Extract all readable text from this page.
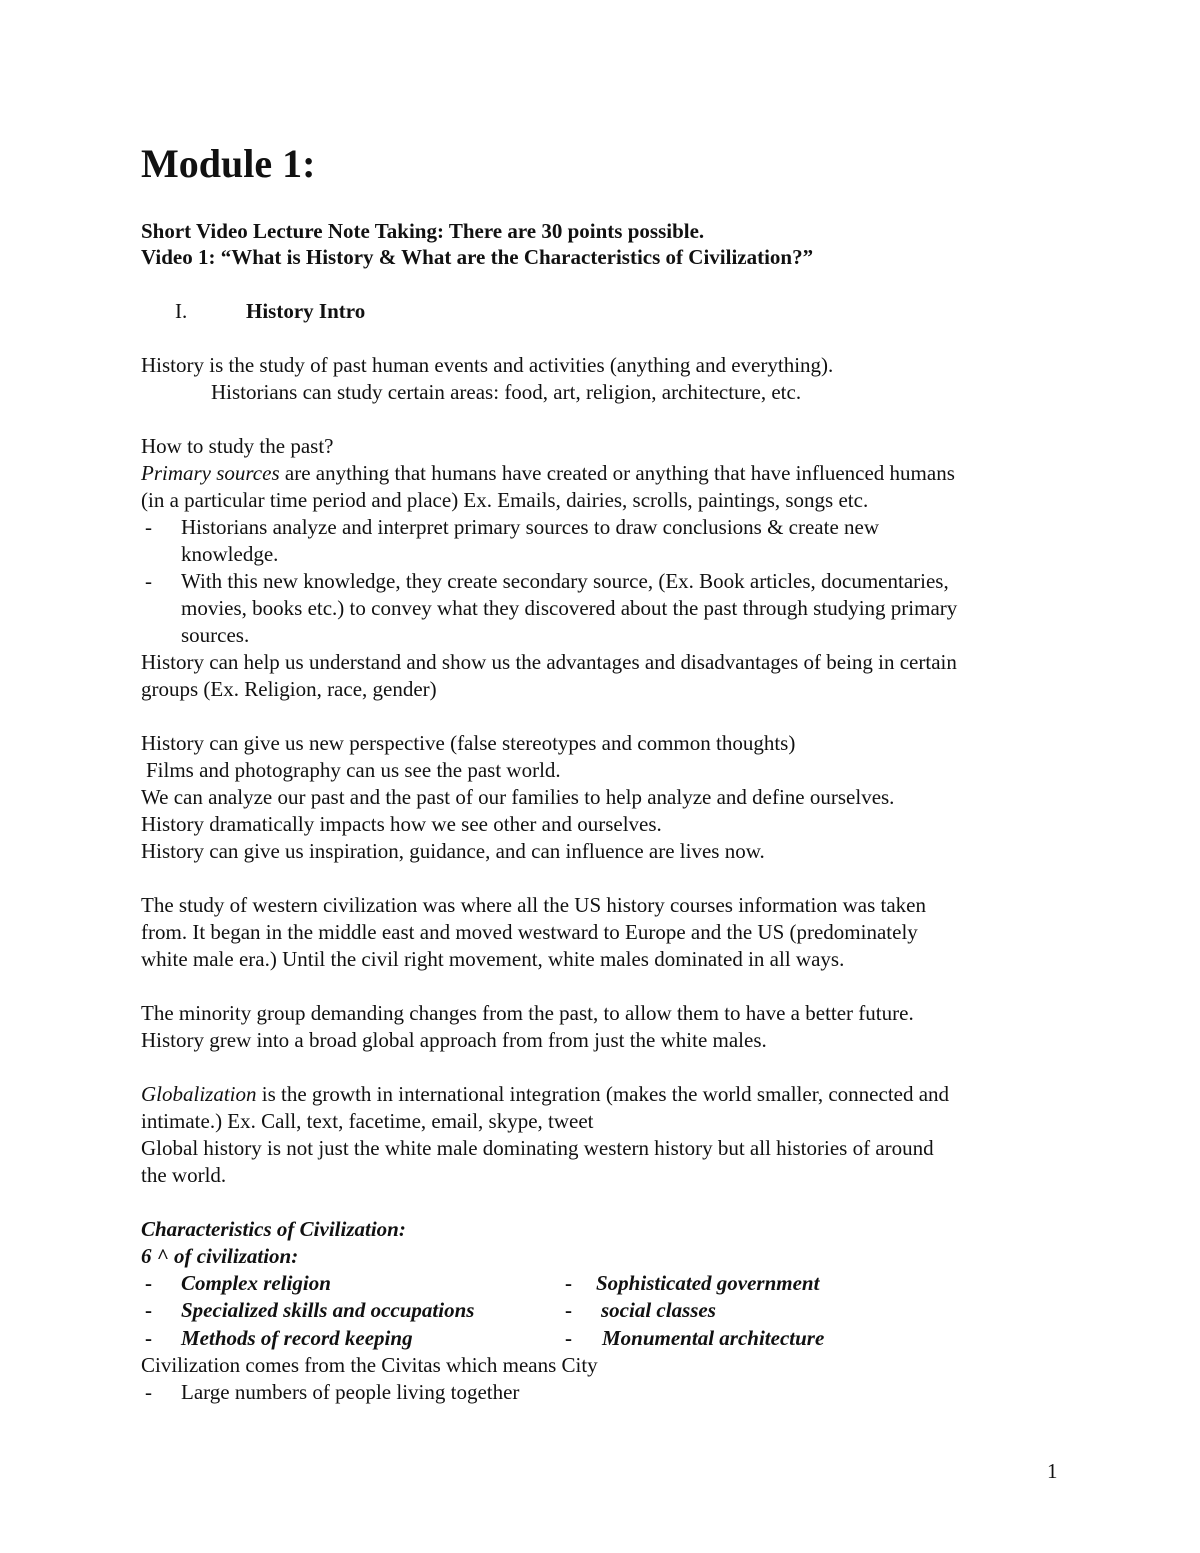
Module 1:
Short Video Lecture Note Taking: There are 30 points possible.
Video 1: “What is History & What are the Characteristics of Civilization?”
I.	History Intro
History is the study of past human events and activities (anything and everything).
Historians can study certain areas: food, art, religion, architecture, etc.
How to study the past?
Primary sources are anything that humans have created or anything that have influenced humans
(in a particular time period and place) Ex. Emails, dairies, scrolls, paintings, songs etc.
- Historians analyze and interpret primary sources to draw conclusions & create new
knowledge.
- With this new knowledge, they create secondary source, (Ex. Book articles, documentaries,
movies, books etc.) to convey what they discovered about the past through studying primary
sources.
History can help us understand and show us the advantages and disadvantages of being in certain
groups (Ex. Religion, race, gender)
History can give us new perspective (false stereotypes and common thoughts)
Films and photography can us see the past world.
We can analyze our past and the past of our families to help analyze and define ourselves.
History dramatically impacts how we see other and ourselves.
History can give us inspiration, guidance, and can influence are lives now.
The study of western civilization was where all the US history courses information was taken
from. It began in the middle east and moved westward to Europe and the US (predominately
white male era.) Until the civil right movement, white males dominated in all ways.
The minority group demanding changes from the past, to allow them to have a better future.
History grew into a broad global approach from from just the white males.
Globalization is the growth in international integration (makes the world smaller, connected and
intimate.) Ex. Call, text, facetime, email, skype, tweet
Global history is not just the white male dominating western history but all histories of around
the world.
Characteristics of Civilization:
6 ^ of civilization:
- Complex religion	- Sophisticated government
- Specialized skills and occupations	- social classes
- Methods of record keeping	- Monumental architecture
Civilization comes from the Civitas which means City
- Large numbers of people living together
1
